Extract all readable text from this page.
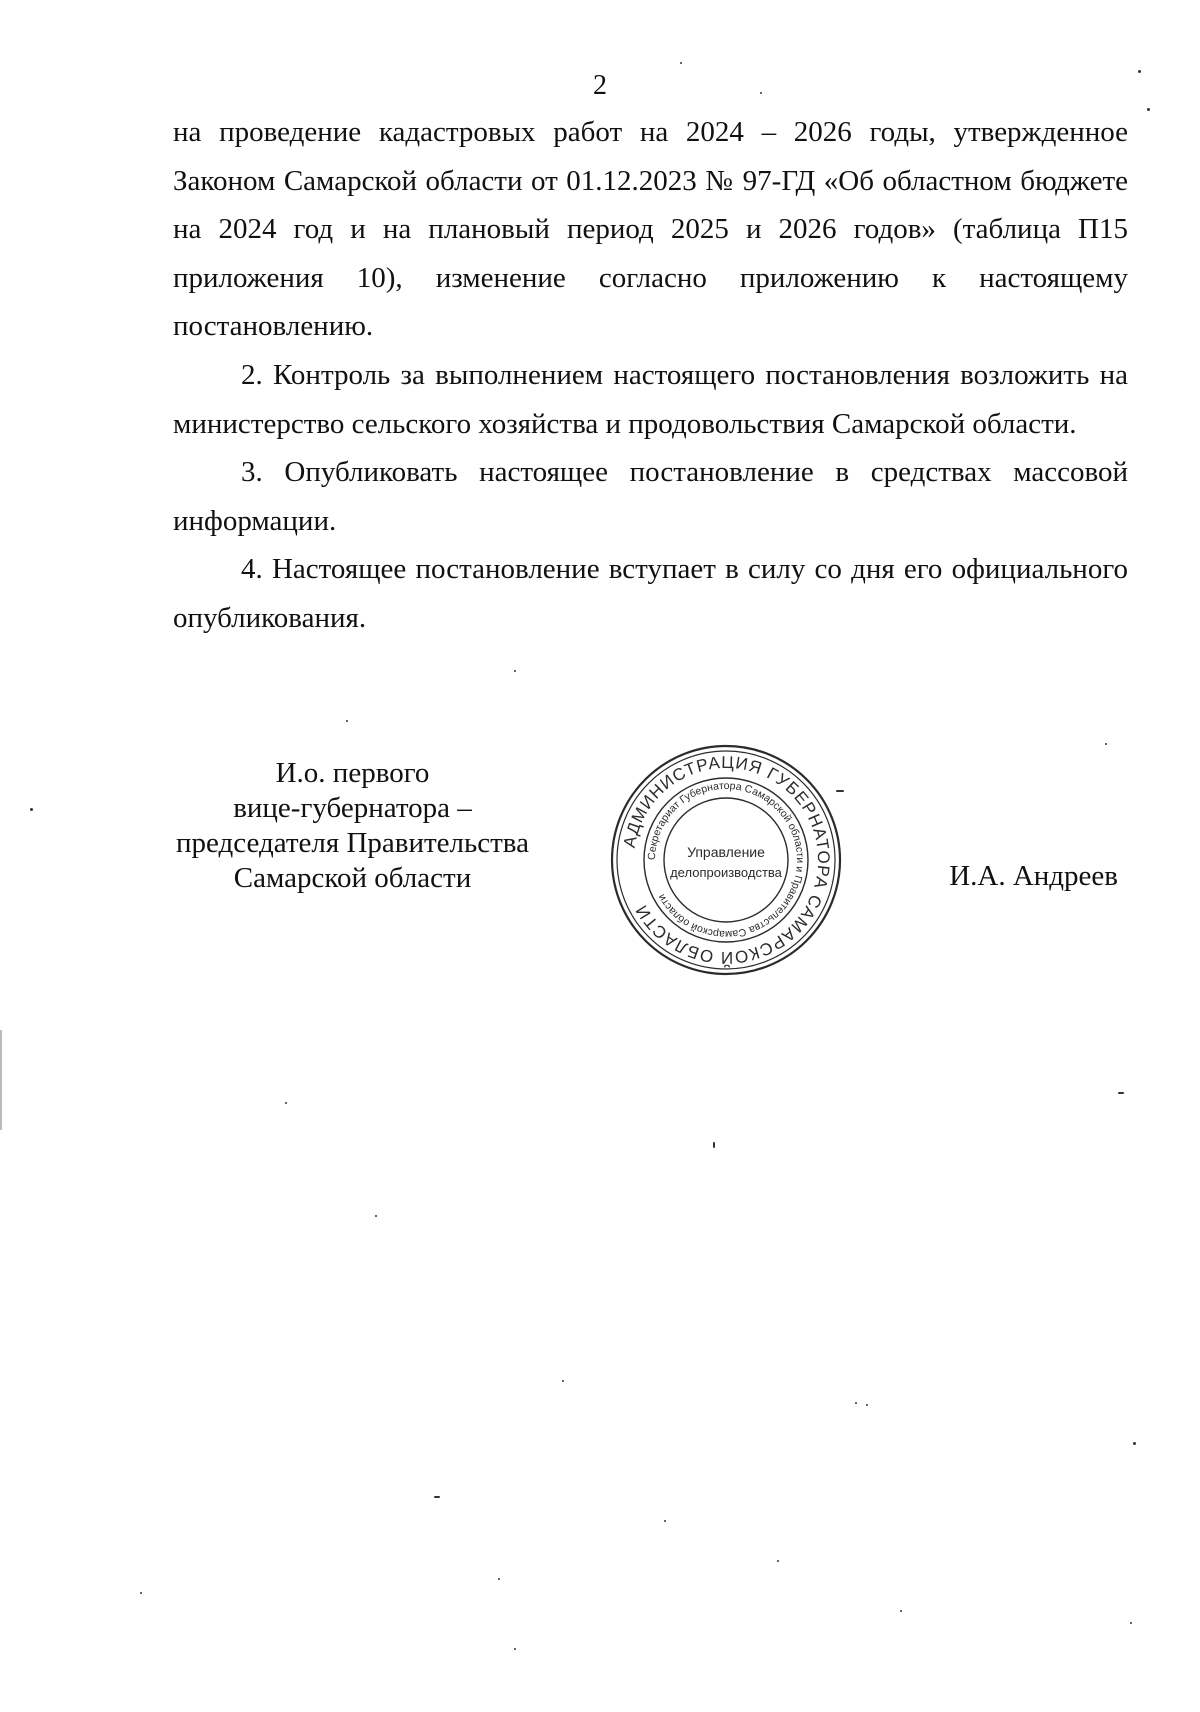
2

на проведение кадастровых работ на 2024 – 2026 годы, утвержденное Законом Самарской области от 01.12.2023 № 97-ГД «Об областном бюджете на 2024 год и на плановый период 2025 и 2026 годов» (таблица П15 приложения 10), изменение согласно приложению к настоящему постановлению.

2. Контроль за выполнением настоящего постановления возложить на министерство сельского хозяйства и продовольствия Самарской области.

3. Опубликовать настоящее постановление в средствах массовой информации.

4. Настоящее постановление вступает в силу со дня его официального опубликования.

И.о. первого
вице-губернатора –
председателя Правительства
Самарской области
АДМИНИСТРАЦИЯ ГУБЕРНАТОРА САМАРСКОЙ ОБЛАСТИ
Секретариат Губернатора Самарской области и Правительства Самарской области
Управление
делопроизводства	И.А. Андреев
